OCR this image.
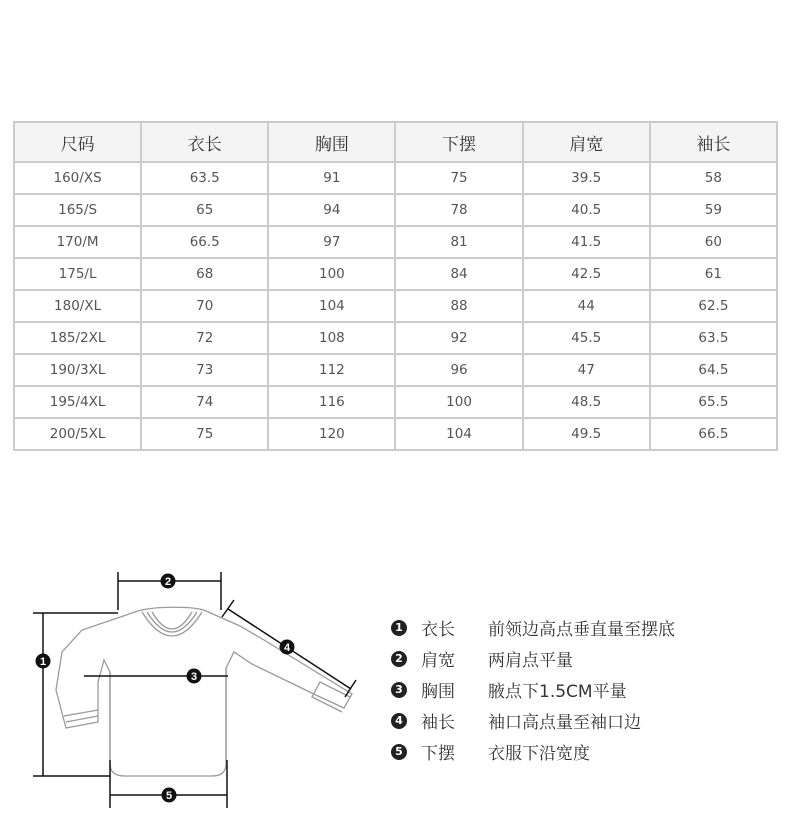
尺码	衣长	胸围	下摆	肩宽	袖长
160/XS	63.5	91	75	39.5	58
165/S	65	94	78	40.5	59
170/M	66.5	97	81	41.5	60
175/L	68	100	84	42.5	61
180/XL	70	104	88	44	62.5
185/2XL	72	108	92	45.5	63.5
190/3XL	73	112	96	47	64.5
195/4XL	74	116	100	48.5	65.5
200/5XL	75	120	104	49.5	66.5
2
1
3
4
5
1 衣长	前领边高点垂直量至摆底
2 肩宽	两肩点平量
3 胸围	腋点下1.5CM平量
4 袖长	袖口高点量至袖口边
5 下摆	衣服下沿宽度
